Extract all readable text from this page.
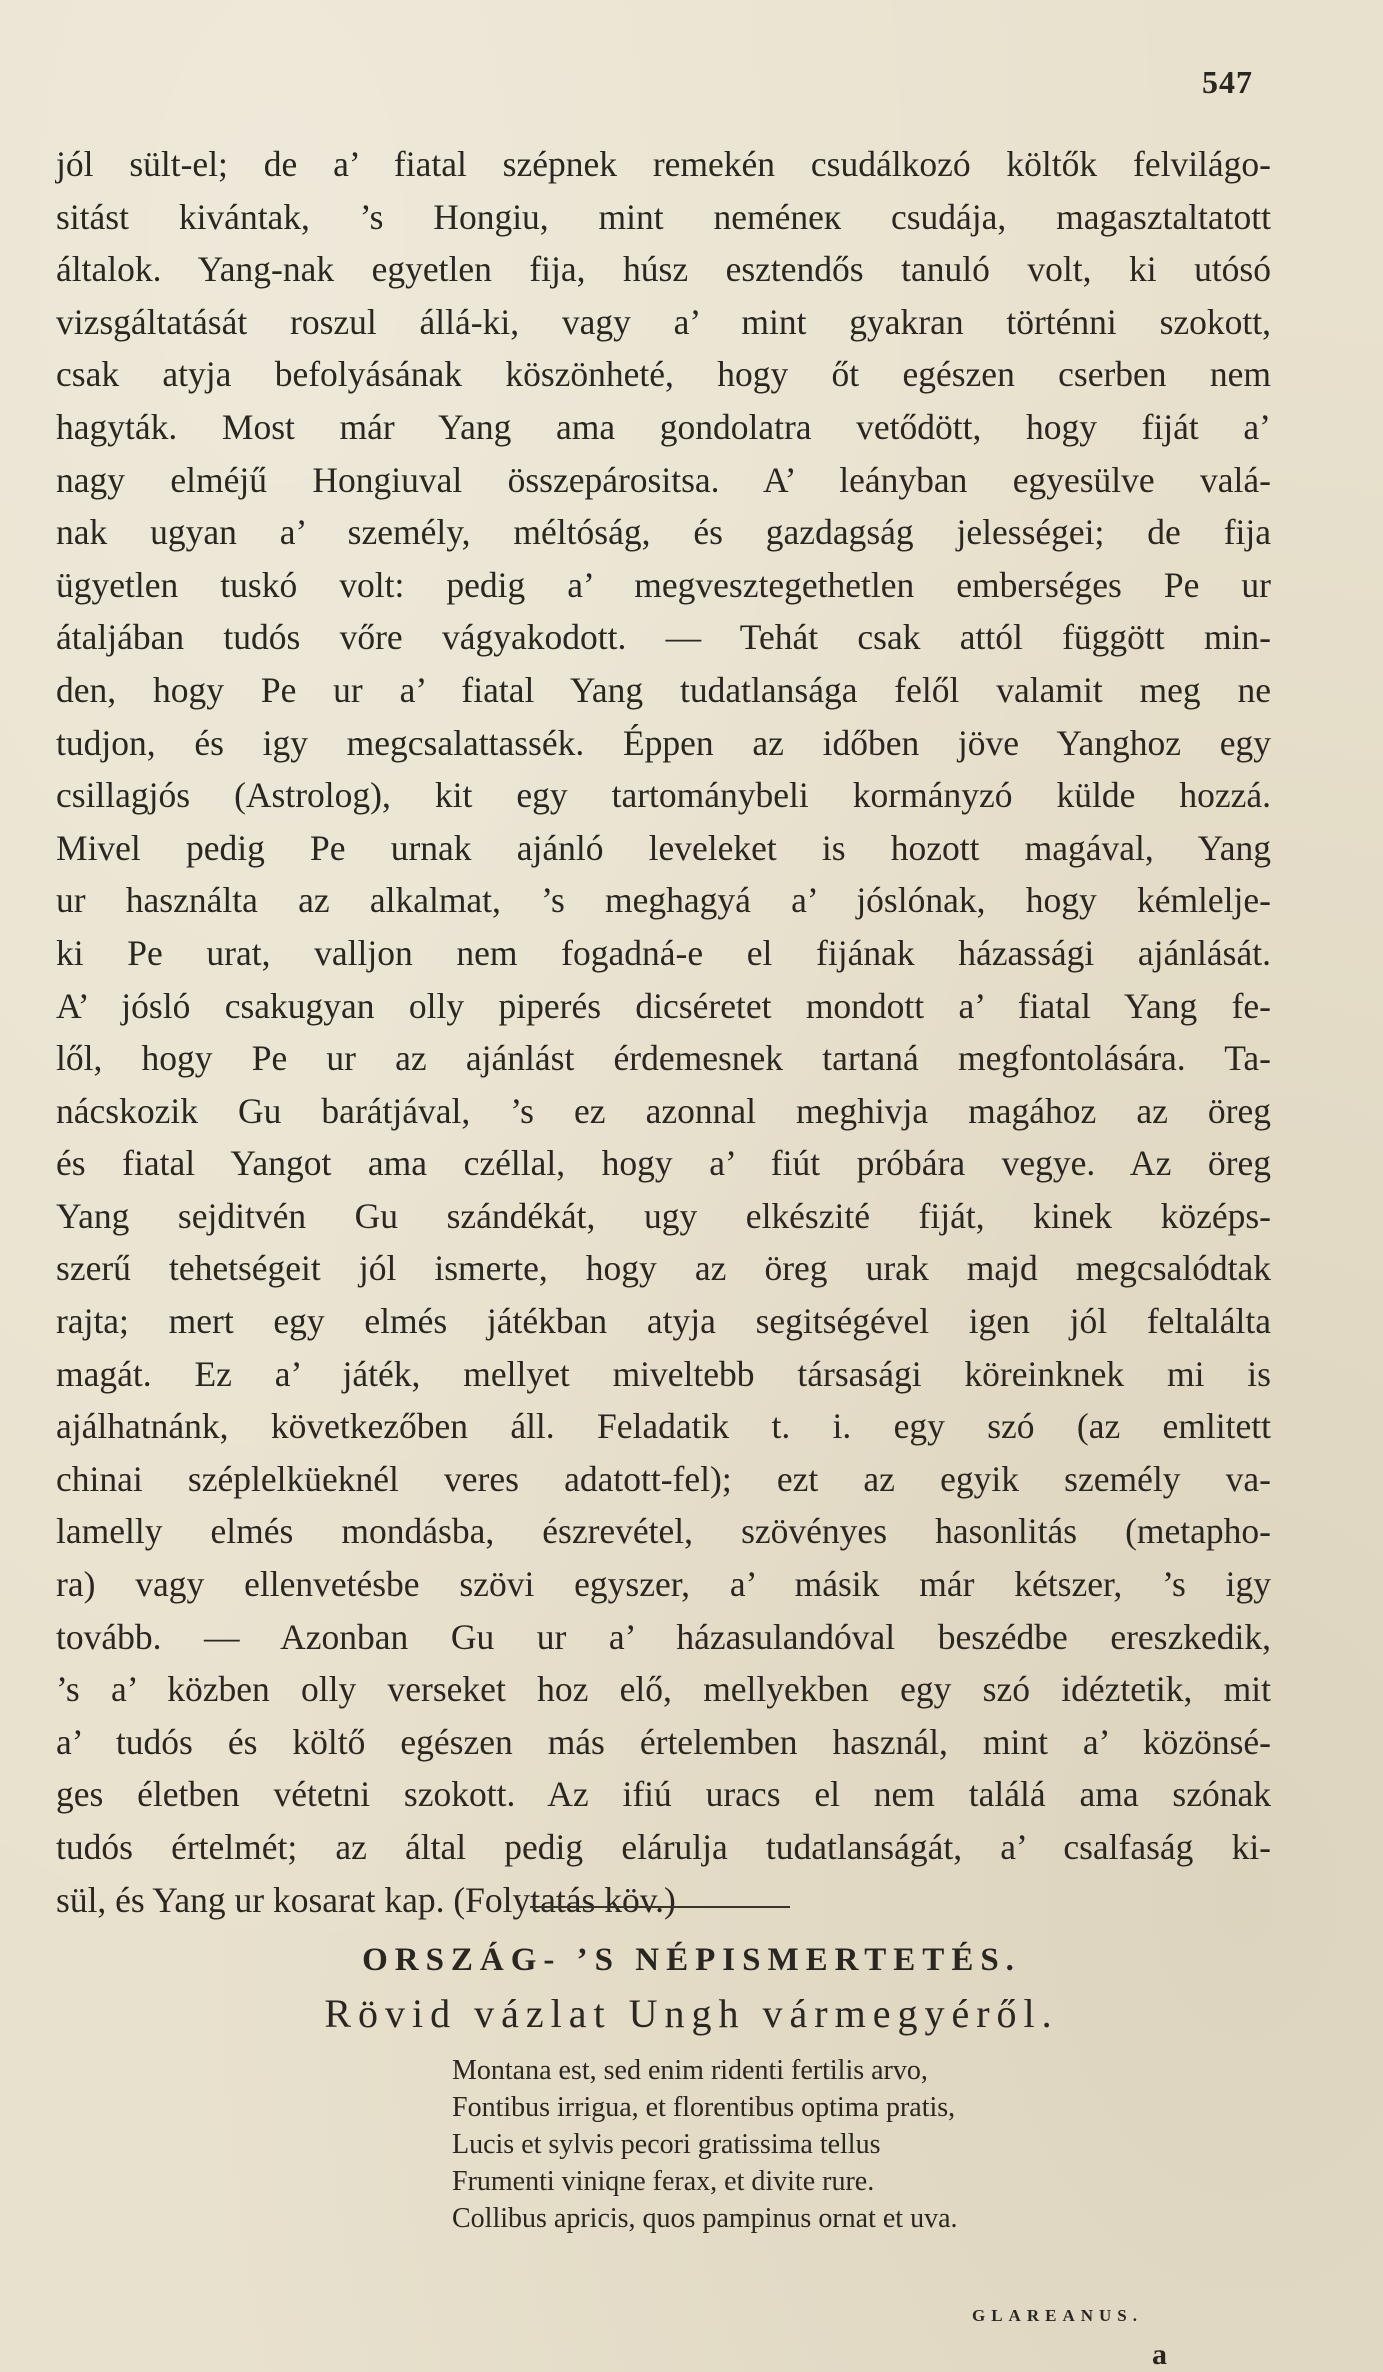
547
jól sült-el; de a’ fiatal szépnek remekén csudálkozó költők felvilágo-
sitást kivántak, ’s Hongiu, mint neméneк csudája, magasztaltatott
általok. Yang-nak egyetlen fija, húsz esztendős tanuló volt, ki utósó
vizsgáltatását roszul állá-ki, vagy a’ mint gyakran történni szokott,
csak atyja befolyásának köszönheté, hogy őt egészen cserben nem
hagyták. Most már Yang ama gondolatra vetődött, hogy fiját a’
nagy elméjű Hongiuval összepárositsa. A’ leányban egyesülve valá-
nak ugyan a’ személy, méltóság, és gazdagság jelességei; de fija
ügyetlen tuskó volt: pedig a’ megvesztegethetlen emberséges Pe ur
átaljában tudós vőre vágyakodott. — Tehát csak attól függött min-
den, hogy Pe ur a’ fiatal Yang tudatlansága felől valamit meg ne
tudjon, és igy megcsalattassék. Éppen az időben jöve Yanghoz egy
csillagjós (Astrolog), kit egy tartománybeli kormányzó külde hozzá.
Mivel pedig Pe urnak ajánló leveleket is hozott magával, Yang
ur használta az alkalmat, ’s meghagyá a’ jóslónak, hogy kémlelje-
ki Pe urat, valljon nem fogadná-e el fijának házassági ajánlását.
A’ jósló csakugyan olly piperés dicséretet mondott a’ fiatal Yang fe-
lől, hogy Pe ur az ajánlást érdemesnek tartaná megfontolására. Ta-
nácskozik Gu barátjával, ’s ez azonnal meghivja magához az öreg
és fiatal Yangot ama czéllal, hogy a’ fiút próbára vegye. Az öreg
Yang sejditvén Gu szándékát, ugy elkészité fiját, kinek középs-
szerű tehetségeit jól ismerte, hogy az öreg urak majd megcsalódtak
rajta; mert egy elmés játékban atyja segitségével igen jól feltalálta
magát. Ez a’ játék, mellyet miveltebb társasági köreinknek mi is
ajálhatnánk, következőben áll. Feladatik t. i. egy szó (az emlitett
chinai széplelküeknél veres adatott-fel); ezt az egyik személy va-
lamelly elmés mondásba, észrevétel, szövényes hasonlitás (metapho-
ra) vagy ellenvetésbe szövi egyszer, a’ másik már kétszer, ’s igy
tovább. — Azonban Gu ur a’ házasulandóval beszédbe ereszkedik,
’s a’ közben olly verseket hoz elő, mellyekben egy szó idéztetik, mit
a’ tudós és költő egészen más értelemben használ, mint a’ közönsé-
ges életben vétetni szokott. Az ifiú uracs el nem találá ama szónak
tudós értelmét; az által pedig elárulja tudatlanságát, a’ csalfaság ki-
sül, és Yang ur kosarat kap. (Folytatás köv.)
ORSZÁG- ’S NÉPISMERTETÉS.
Rövid vázlat Ungh vármegyéről.
Montana est, sed enim ridenti fertilis arvo,
Fontibus irrigua, et florentibus optima pratis,
Lucis et sylvis pecori gratissima tellus
Frumenti viniqne ferax, et divite rure.
Collibus apricis, quos pampinus ornat et uva.
GLAREANUS.
a
